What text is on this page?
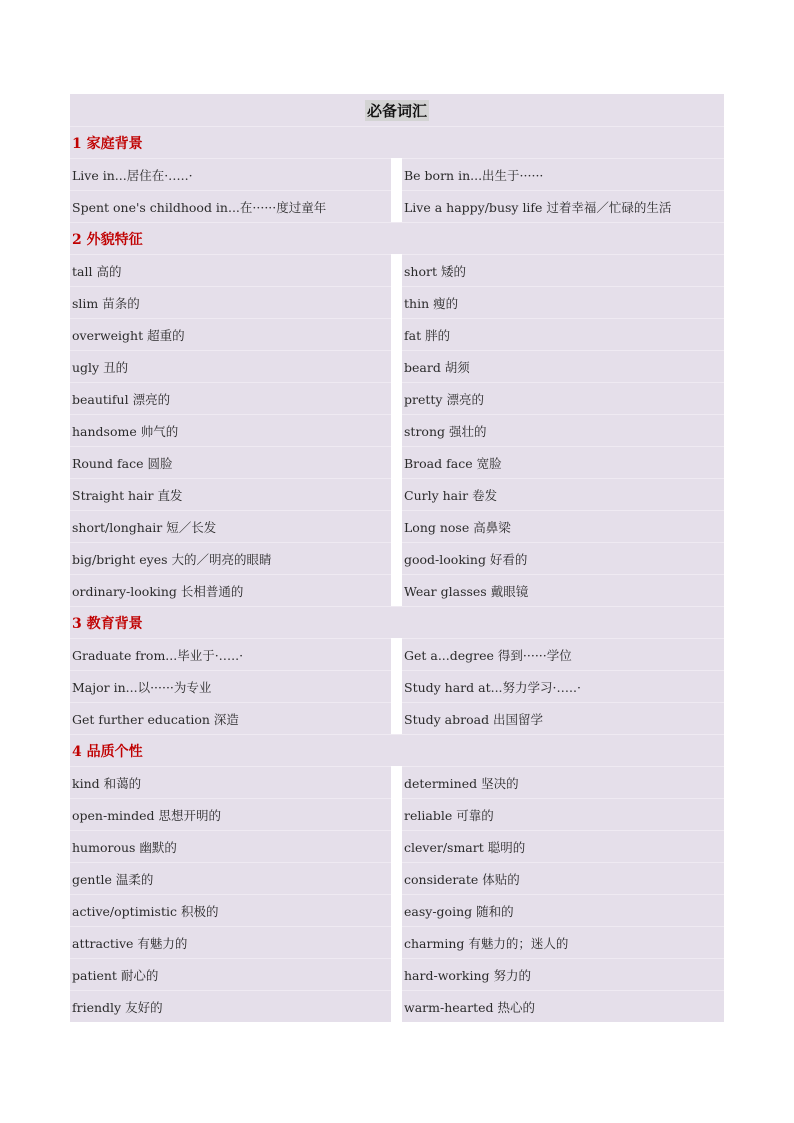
必备词汇
1 家庭背景
Live in...居住在·…..·	Be born in...出生于······
Spent one's childhood in...在······度过童年	Live a happy/busy life 过着幸福／忙碌的生活
2 外貌特征
tall 高的	short 矮的
slim 苗条的	thin 瘦的
overweight 超重的	fat 胖的
ugly 丑的	beard 胡须
beautiful 漂亮的	pretty 漂亮的
handsome 帅气的	strong 强壮的
Round face 圆脸	Broad face 宽脸
Straight hair 直发	Curly hair 卷发
short/longhair 短／长发	Long nose 高鼻梁
big/bright eyes 大的／明亮的眼睛	good-looking 好看的
ordinary-looking 长相普通的	Wear glasses 戴眼镜
3 教育背景
Graduate from...毕业于·…..·	Get a...degree 得到······学位
Major in...以······为专业	Study hard at...努力学习·…..·
Get further education 深造	Study abroad 出国留学
4 品质个性
kind 和蔼的	determined 坚决的
open-minded 思想开明的	reliable 可靠的
humorous 幽默的	clever/smart 聪明的
gentle 温柔的	considerate 体贴的
active/optimistic 积极的	easy-going 随和的
attractive 有魅力的	charming 有魅力的；迷人的
patient 耐心的	hard-working 努力的
friendly 友好的	warm-hearted 热心的
